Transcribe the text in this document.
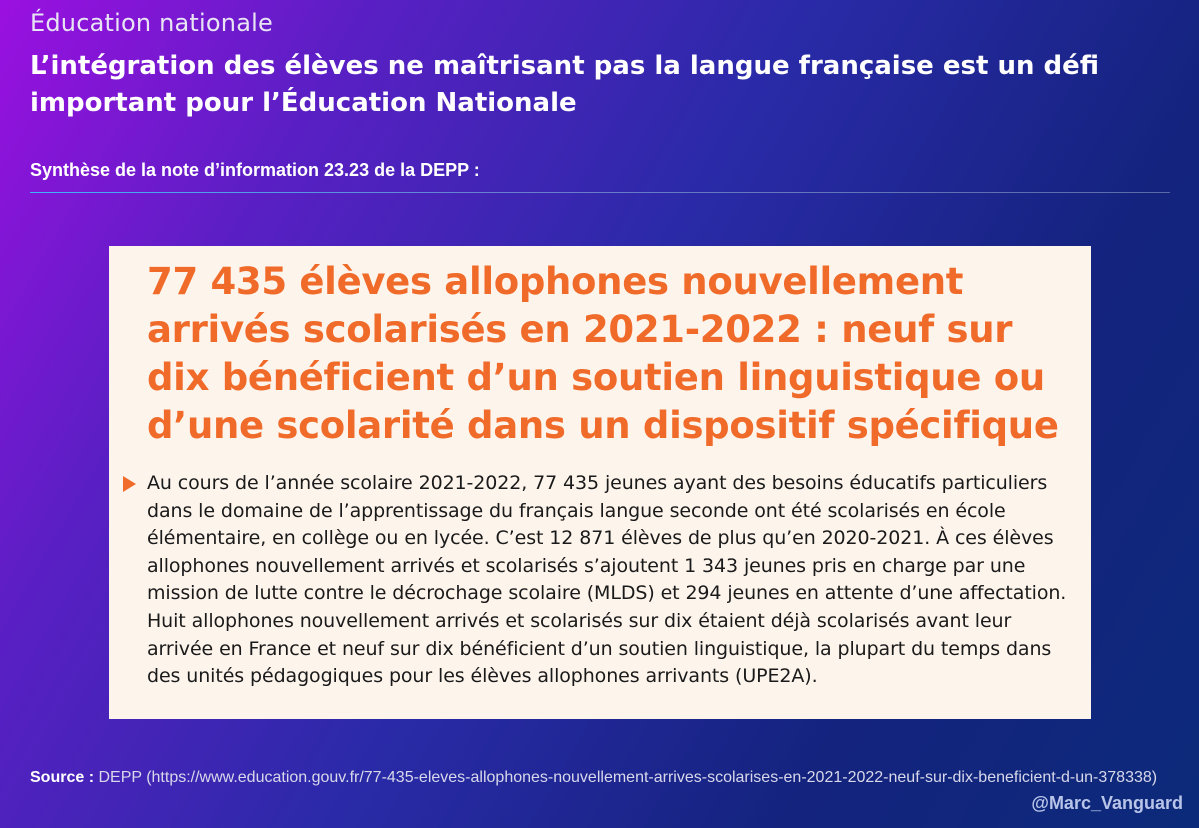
Éducation nationale
L’intégration des élèves ne maîtrisant pas la langue française est un défi important pour l’Éducation Nationale
Synthèse de la note d’information 23.23 de la DEPP :
77 435 élèves allophones nouvellement arrivés scolarisés en 2021-2022 : neuf sur dix bénéficient d’un soutien linguistique ou d’une scolarité dans un dispositif spécifique

Au cours de l’année scolaire 2021-2022, 77 435 jeunes ayant des besoins éducatifs particuliers dans le domaine de l’apprentissage du français langue seconde ont été scolarisés en école élémentaire, en collège ou en lycée. C’est 12 871 élèves de plus qu’en 2020-2021. À ces élèves allophones nouvellement arrivés et scolarisés s’ajoutent 1 343 jeunes pris en charge par une mission de lutte contre le décrochage scolaire (MLDS) et 294 jeunes en attente d’une affectation. Huit allophones nouvellement arrivés et scolarisés sur dix étaient déjà scolarisés avant leur arrivée en France et neuf sur dix bénéficient d’un soutien linguistique, la plupart du temps dans des unités pédagogiques pour les élèves allophones arrivants (UPE2A).

Source : DEPP (https://www.education.gouv.fr/77-435-eleves-allophones-nouvellement-arrives-scolarises-en-2021-2022-neuf-sur-dix-beneficient-d-un-378338)
@Marc_Vanguard
